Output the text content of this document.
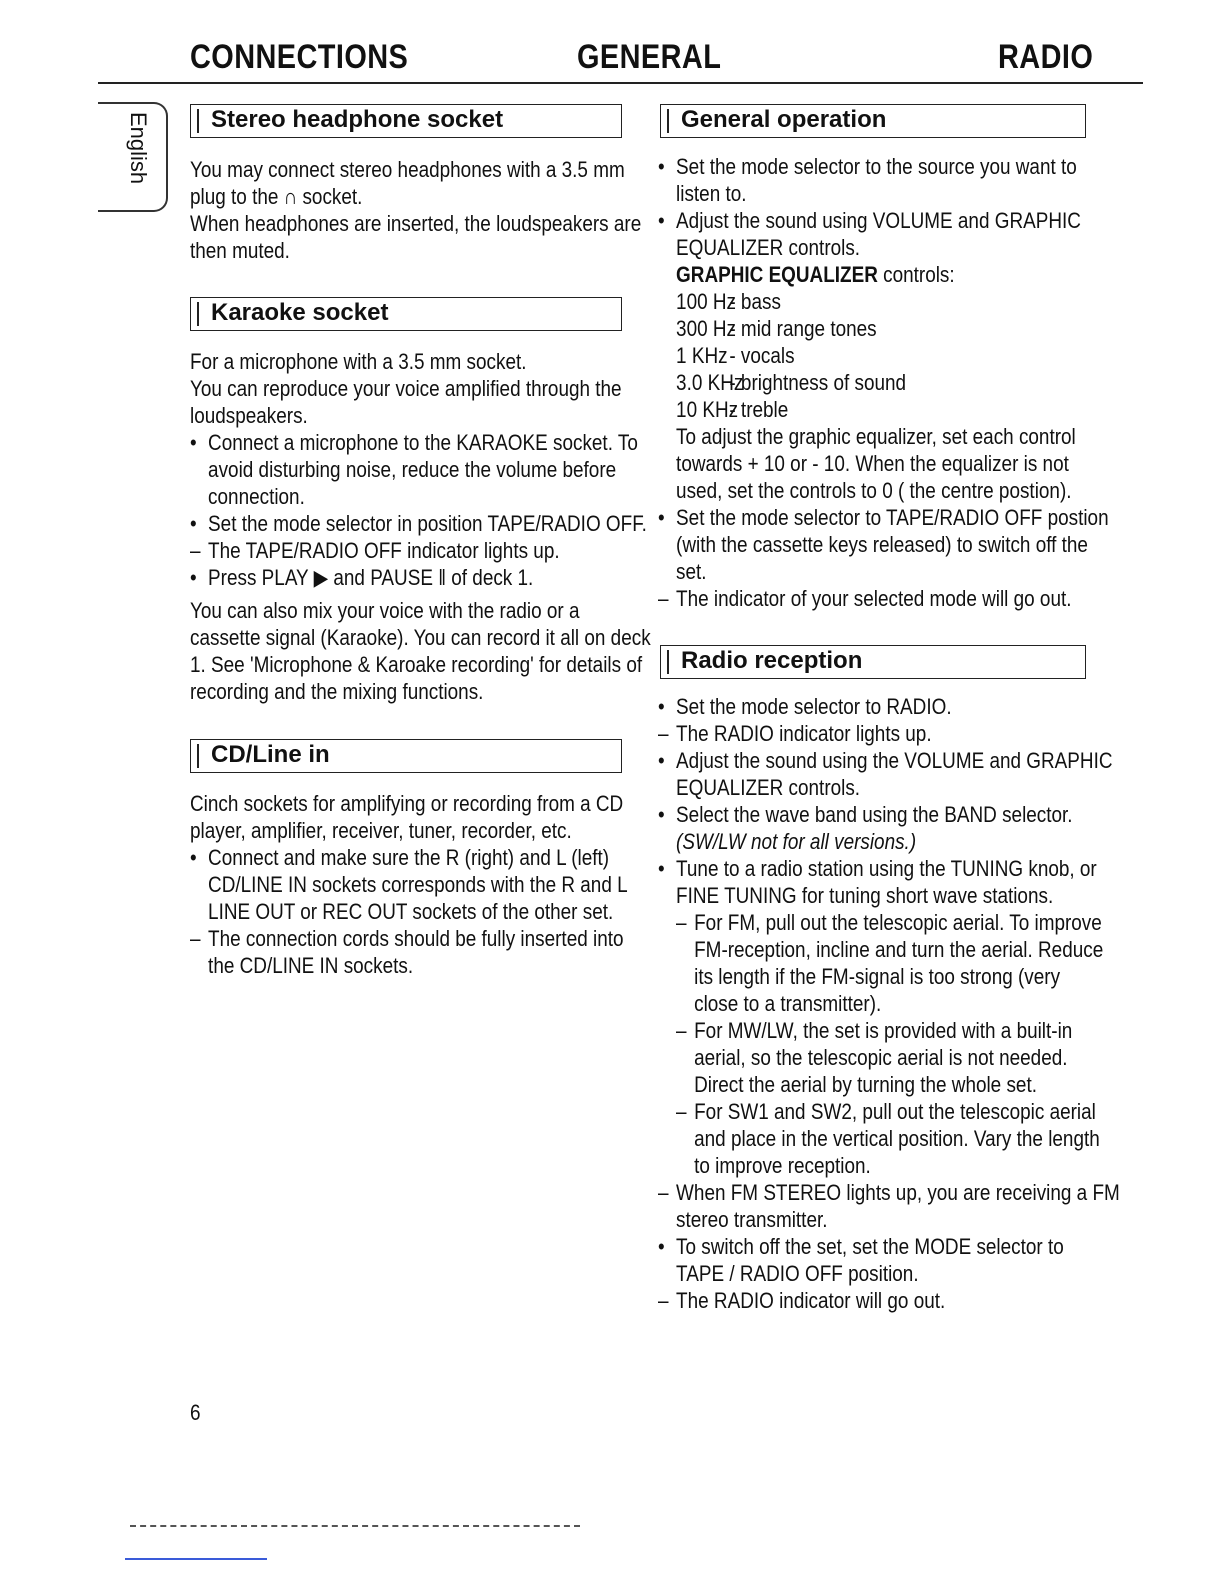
CONNECTIONS	GENERAL	RADIO
English	Stereo headphone socket

You may connect stereo headphones with a 3.5 mm

plug to the ∩ socket.

When headphones are inserted, the loudspeakers are

then muted.

Karaoke socket

For a microphone with a 3.5 mm socket.

You can reproduce your voice amplified through the

loudspeakers.

• Connect a microphone to the KARAOKE socket. To

avoid disturbing noise, reduce the volume before

connection.

• Set the mode selector in position TAPE/RADIO OFF.

– The TAPE/RADIO OFF indicator lights up.

• Press PLAY ▶ and PAUSE ‖ of deck 1.

You can also mix your voice with the radio or a

cassette signal (Karaoke). You can record it all on deck

1. See 'Microphone & Karoake recording' for details of

recording and the mixing functions.

CD/Line in

Cinch sockets for amplifying or recording from a CD

player, amplifier, receiver, tuner, recorder, etc.

• Connect and make sure the R (right) and L (left)

CD/LINE IN sockets corresponds with the R and L

LINE OUT or REC OUT sockets of the other set.

– The connection cords should be fully inserted into

the CD/LINE IN sockets.

General operation

• Set the mode selector to the source you want to

listen to.

• Adjust the sound using VOLUME and GRAPHIC

EQUALIZER controls.

GRAPHIC EQUALIZER controls:

100 Hz- bass

300 Hz- mid range tones

1 KHz- vocals

3.0 KHz- brightness of sound

10 KHz- treble

To adjust the graphic equalizer, set each control

towards + 10 or - 10. When the equalizer is not

used, set the controls to 0 ( the centre postion).

• Set the mode selector to TAPE/RADIO OFF postion

(with the cassette keys released) to switch off the

set.

– The indicator of your selected mode will go out.

Radio reception

• Set the mode selector to RADIO.

– The RADIO indicator lights up.

• Adjust the sound using the VOLUME and GRAPHIC

EQUALIZER controls.

• Select the wave band using the BAND selector.

(SW/LW not for all versions.)

• Tune to a radio station using the TUNING knob, or

FINE TUNING for tuning short wave stations.

– For FM, pull out the telescopic aerial. To improve

FM-reception, incline and turn the aerial. Reduce

its length if the FM-signal is too strong (very

close to a transmitter).

– For MW/LW, the set is provided with a built-in

aerial, so the telescopic aerial is not needed.

Direct the aerial by turning the whole set.

– For SW1 and SW2, pull out the telescopic aerial

and place in the vertical position. Vary the length

to improve reception.

– When FM STEREO lights up, you are receiving a FM

stereo transmitter.

• To switch off the set, set the MODE selector to

TAPE / RADIO OFF position.

– The RADIO indicator will go out.

6
